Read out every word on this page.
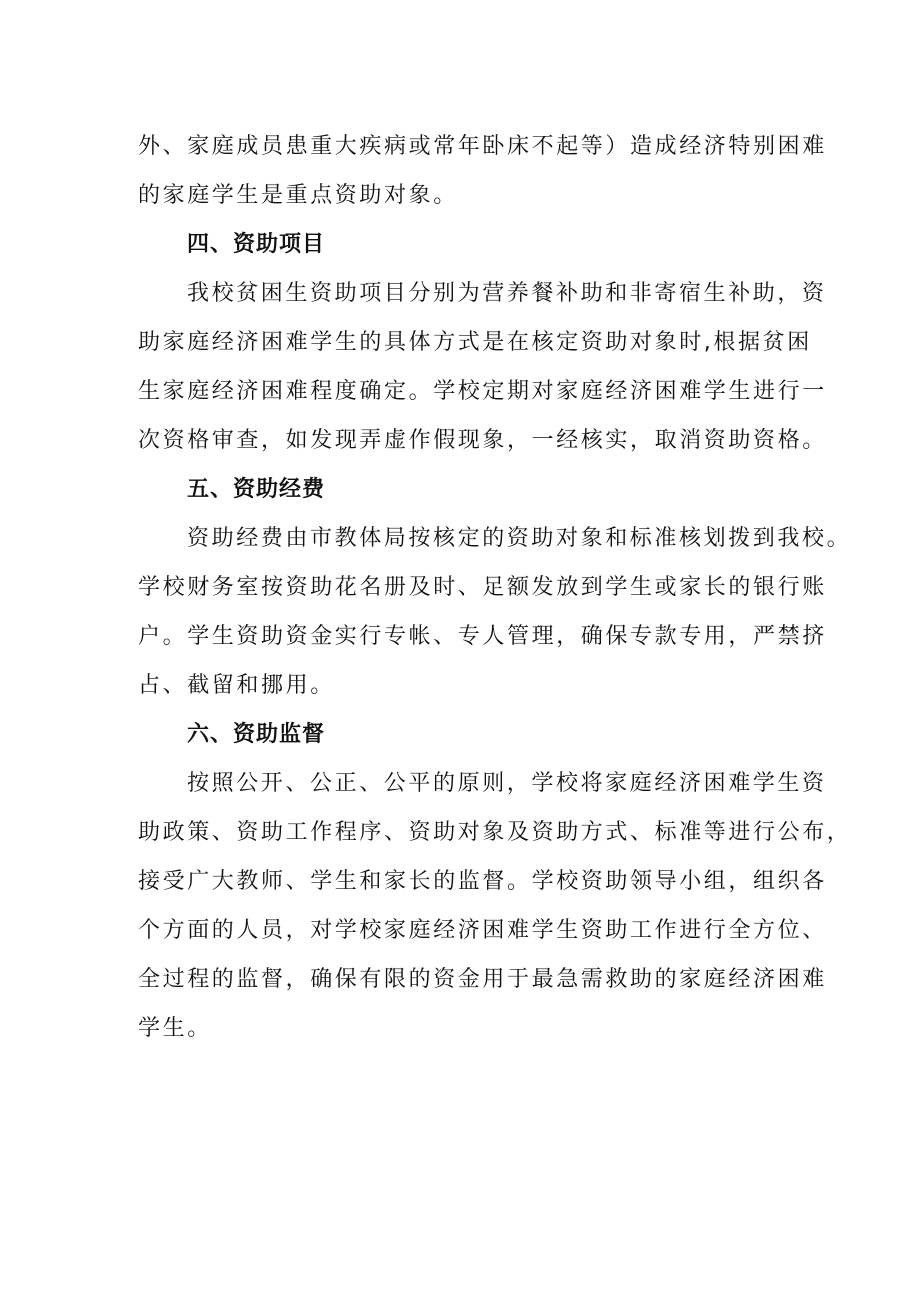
外、家庭成员患重大疾病或常年卧床不起等）造成经济特别困难
的家庭学生是重点资助对象。
四、资助项目
我校贫困生资助项目分别为营养餐补助和非寄宿生补助，资
助家庭经济困难学生的具体方式是在核定资助对象时,根据贫困
生家庭经济困难程度确定。学校定期对家庭经济困难学生进行一
次资格审查，如发现弄虚作假现象，一经核实，取消资助资格。
五、资助经费
资助经费由市教体局按核定的资助对象和标准核划拨到我校。
学校财务室按资助花名册及时、足额发放到学生或家长的银行账
户。学生资助资金实行专帐、专人管理，确保专款专用，严禁挤
占、截留和挪用。
六、资助监督
按照公开、公正、公平的原则，学校将家庭经济困难学生资
助政策、资助工作程序、资助对象及资助方式、标准等进行公布，
接受广大教师、学生和家长的监督。学校资助领导小组，组织各
个方面的人员，对学校家庭经济困难学生资助工作进行全方位、
全过程的监督，确保有限的资金用于最急需救助的家庭经济困难
学生。
